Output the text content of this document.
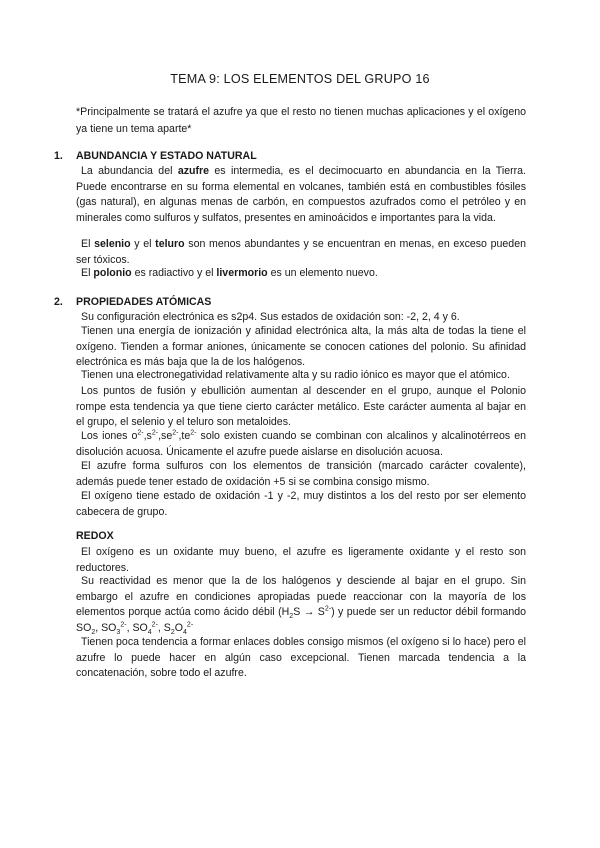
TEMA 9: LOS ELEMENTOS DEL GRUPO 16
*Principalmente se tratará el azufre ya que el resto no tienen muchas aplicaciones y el oxígeno ya tiene un tema aparte*
1. ABUNDANCIA Y ESTADO NATURAL

La abundancia del azufre es intermedia, es el decimocuarto en abundancia en la Tierra. Puede encontrarse en su forma elemental en volcanes, también está en combustibles fósiles (gas natural), en algunas menas de carbón, en compuestos azufrados como el petróleo y en minerales como sulfuros y sulfatos, presentes en aminoácidos e importantes para la vida.

El selenio y el teluro son menos abundantes y se encuentran en menas, en exceso pueden ser tóxicos.

El polonio es radiactivo y el livermorio es un elemento nuevo.

2. PROPIEDADES ATÓMICAS

Su configuración electrónica es s2p4. Sus estados de oxidación son: -2, 2, 4 y 6.

Tienen una energía de ionización y afinidad electrónica alta, la más alta de todas la tiene el oxígeno. Tienden a formar aniones, únicamente se conocen cationes del polonio. Su afinidad electrónica es más baja que la de los halógenos.

Tienen una electronegatividad relativamente alta y su radio iónico es mayor que el atómico.

Los puntos de fusión y ebullición aumentan al descender en el grupo, aunque el Polonio rompe esta tendencia ya que tiene cierto carácter metálico. Este carácter aumenta al bajar en el grupo, el selenio y el teluro son metaloides.

Los iones $o^{2-},s^{2-},se^{2-},te^{2-}$ solo existen cuando se combinan con alcalinos y alcalinotérreos en disolución acuosa. Únicamente el azufre puede aislarse en disolución acuosa.

El azufre forma sulfuros con los elementos de transición (marcado carácter covalente), además puede tener estado de oxidación +5 si se combina consigo mismo.

El oxígeno tiene estado de oxidación -1 y -2, muy distintos a los del resto por ser elemento cabecera de grupo.

REDOX

El oxígeno es un oxidante muy bueno, el azufre es ligeramente oxidante y el resto son reductores.

Su reactividad es menor que la de los halógenos y desciende al bajar en el grupo. Sin embargo el azufre en condiciones apropiadas puede reaccionar con la mayoría de los elementos porque actúa como ácido débil $(H_2S \to S^{2-})$ y puede ser un reductor débil formando $SO_2$, $SO_3^{2-}$, $SO_4^{2-}$, $S_2O_4^{2-}$

Tienen poca tendencia a formar enlaces dobles consigo mismos (el oxígeno si lo hace) pero el azufre lo puede hacer en algún caso excepcional. Tienen marcada tendencia a la concatenación, sobre todo el azufre.
